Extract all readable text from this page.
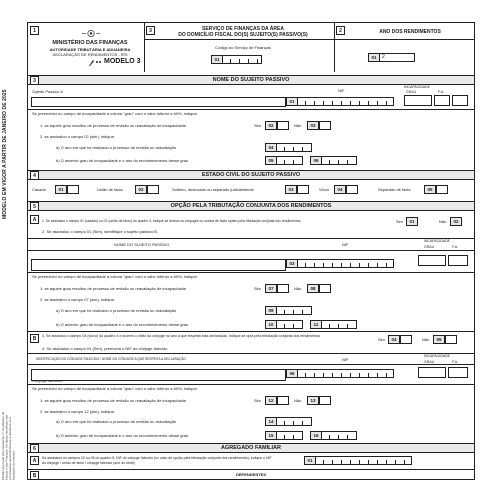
MODELO EM VIGOR A PARTIR DE JANEIRO DE 2025
Modelo aprovado pelo Despacho n.º do Ministro de Estado e das Finanças. Os dados recolhidos são processados automaticamente e destinam-se à liquidação do imposto
1
MINISTÉRIO DAS FINANÇAS
AUTORIDADE TRIBUTÁRIA E ADUANEIRA
DECLARAÇÃO DE RENDIMENTOS - IRS
MODELO 3
3	SERVIÇO DE FINANÇAS DA ÁREA
DO DOMICÍLIO FISCAL DO(S) SUJEITO(S) PASSIVO(S)
Código do Serviço de Finanças
01
2	ANO DOS RENDIMENTOS
01	2
NOME DO SUJEITO PASSIVO
3
Sujeito Passivo A	NIF
INCAPACIDADE
GRAU	F.A.
01
Se preencheu no campo de incapacidade a coluna "grau" com o valor inferior a 60%, indique:
1. se aquele grau resultou de processo de revisão ou reavaliação de incapacidade	Sim	02	Não	03
2. se assinalou o campo 02 (sim), indique:
a) O ano em que foi realizado o processo de revisão ou reavaliação	04
b) O anterior grau de incapacidade e o ano do reconhecimento desse grau	05	06
ESTADO CIVIL DO SUJEITO PASSIVO
4
Casado	01	União de facto	02	Solteiro, divorciado ou separado judicialmente	03	Viúvo	04	Separado de facto	05
OPÇÃO PELA TRIBUTAÇÃO CONJUNTA DOS RENDIMENTOS
5
A	1. Se assinalou o campo 01 (casado) ou 02 (união de facto) do quadro 4, indique se ambos os cônjuges ou unidos de facto optam pela tributação conjunta dos rendimentos	Sim	01	Não	02
2. Se assinalou o campo 01 (Sim), identifique o sujeito passivo B.
NOME DO SUJEITO PASSIVO	NIF
INCAPACIDADE
GRAU	F.A.
03
Se preencheu no campo de incapacidade a coluna "grau" com o valor inferior a 60%, indique:
1. se aquele grau resultou de processo de revisão ou reavaliação de incapacidade	Sim	07	Não	08
2. se assinalou o campo 07 (sim), indique:
a) O ano em que foi realizado o processo de revisão ou reavaliação	09
b) O anterior grau de incapacidade e o ano do reconhecimento desse grau	10	11
B	3. Se assinalou o campo 04 (viúvo) do quadro 4 e ocorreu o óbito do cônjuge no ano a que respeita esta declaração, indique se opta pela tributação conjunta dos rendimentos
Sim	04	Não	05
4. Se assinalou o campo 04 (Sim), preencha o NIF do cônjuge falecido
IDENTIFICAÇÃO DO CÔNJUGE FALECIDO / NOME DO CÔNJUGE A QUE RESPEITA A DECLARAÇÃO	NIF
INCAPACIDADE
GRAU	F.A.
06
Se preencheu no campo de incapacidade a coluna "grau" com o valor inferior a 60%, indique:
1. se aquele grau resultou de processo de revisão ou reavaliação de incapacidade	Sim	12	Não	13
2. se assinalou o campo 12 (sim), indique:
a) O ano em que foi realizado o processo de revisão ou reavaliação	14
b) O anterior grau de incapacidade e o ano do reconhecimento desse grau	15	16
AGREGADO FAMILIAR
6
A	Se assinalou os campos 02 ou 05 do quadro 5, NIF do cônjuge falecido (no caso de opção pela tributação conjunta dos rendimentos), indique o NIF
do cônjuge / unido de facto / cônjuge falecido (ano do óbito)	01
B	DEPENDENTES
